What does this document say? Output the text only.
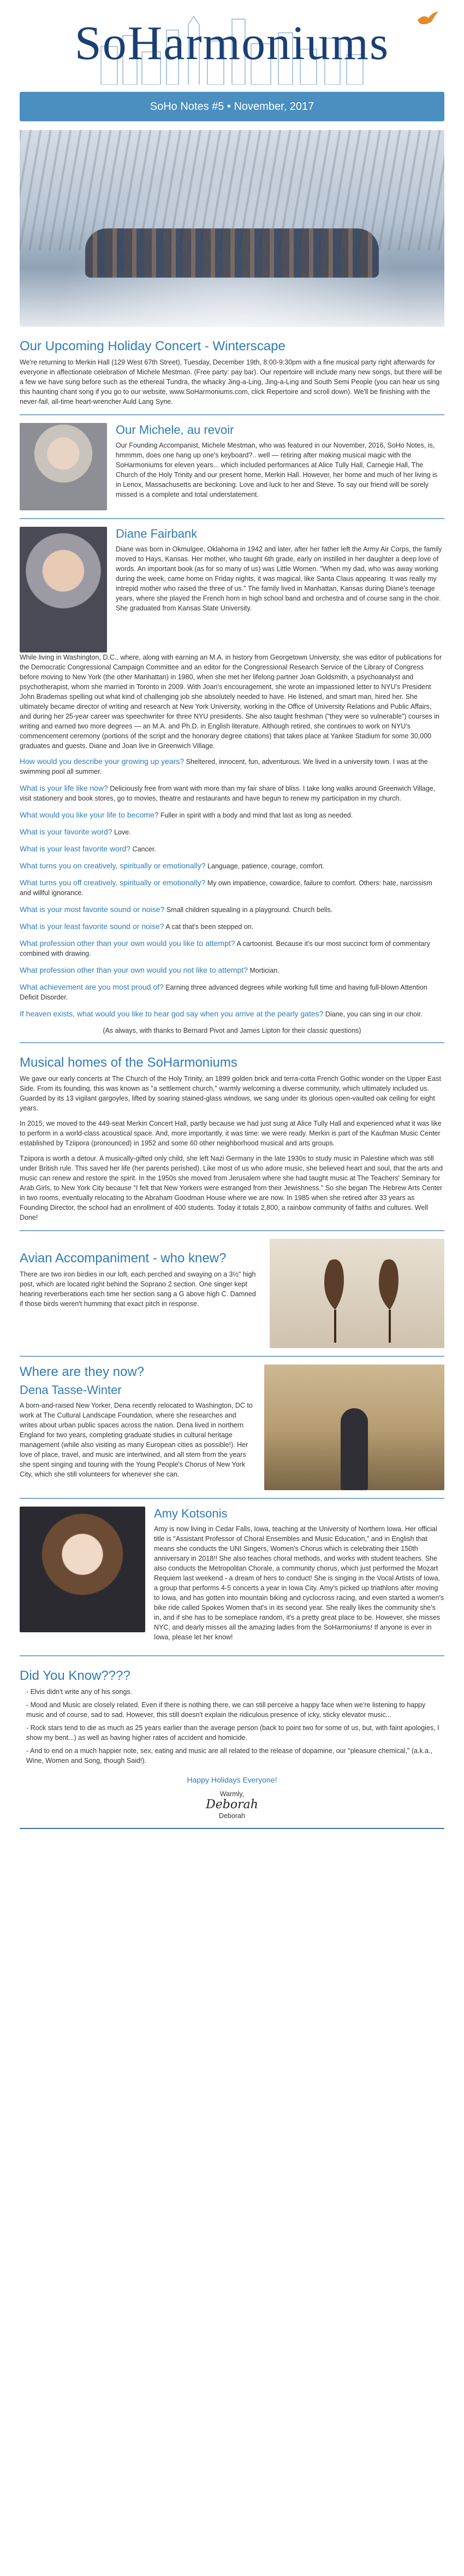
SoHarmoniums
SoHo Notes #5 • November, 2017
Our Upcoming Holiday Concert - Winterscape

We're returning to Merkin Hall (129 West 67th Street), Tuesday, December 19th, 8:00-9:30pm with a fine musical party right afterwards for everyone in affectionate celebration of Michele Mestman. (Free party: pay bar). Our repertoire will include many new songs, but there will be a few we have sung before such as the ethereal Tundra, the whacky Jing-a-Ling, Jing-a-Ling and South Semi People (you can hear us sing this haunting chant song if you go to our website, www.SoHarmoniums.com, click Repertoire and scroll down). We'll be finishing with the never-fail, all-time heart-wrencher Auld Lang Syne.

Our Michele, au revoir

Our Founding Accompanist, Michele Mestman, who was featured in our November, 2016, SoHo Notes, is, hmmmm, does one hang up one's keyboard?.. well — retiring after making musical magic with the SoHarmoniums for eleven years... which included performances at Alice Tully Hall, Carnegie Hall, The Church of the Holy Trinity and our present home, Merkin Hall. However, her home and much of her living is in Lenox, Massachusetts are beckoning. Love and luck to her and Steve. To say our friend will be sorely missed is a complete and total understatement.

Diane Fairbank

Diane was born in Okmulgee, Oklahoma in 1942 and later, after her father left the Army Air Corps, the family moved to Hays, Kansas. Her mother, who taught 6th grade, early on instilled in her daughter a deep love of words. An important book (as for so many of us) was Little Women. "When my dad, who was away working during the week, came home on Friday nights, it was magical, like Santa Claus appearing. It was really my intrepid mother who raised the three of us." The family lived in Manhattan, Kansas during Diane's teenage years, where she played the French horn in high school band and orchestra and of course sang in the choir. She graduated from Kansas State University.

While living in Washington, D.C., where, along with earning an M.A. in history from Georgetown University, she was editor of publications for the Democratic Congressional Campaign Committee and an editor for the Congressional Research Service of the Library of Congress before moving to New York (the other Manhattan) in 1980, when she met her lifelong partner Joan Goldsmith, a psychoanalyst and psychotherapist, whom she married in Toronto in 2009. With Joan's encouragement, she wrote an impassioned letter to NYU's President John Brademas spelling out what kind of challenging job she absolutely needed to have. He listened, and smart man, hired her. She ultimately became director of writing and research at New York University, working in the Office of University Relations and Public Affairs, and during her 25-year career was speechwriter for three NYU presidents. She also taught freshman ("they were so vulnerable") courses in writing and earned two more degrees — an M.A. and Ph.D. in English literature. Although retired, she continues to work on NYU's commencement ceremony (portions of the script and the honorary degree citations) that takes place at Yankee Stadium for some 30,000 graduates and guests. Diane and Joan live in Greenwich Village.

How would you describe your growing up years? Sheltered, innocent, fun, adventurous. We lived in a university town. I was at the swimming pool all summer.
What is your life like now? Deliciously free from want with more than my fair share of bliss. I take long walks around Greenwich Village, visit stationery and book stores, go to movies, theatre and restaurants and have begun to renew my participation in my church.
What would you like your life to become? Fuller in spirit with a body and mind that last as long as needed.
What is your favorite word? Love.
What is your least favorite word? Cancer.
What turns you on creatively, spiritually or emotionally? Language, patience, courage, comfort.
What turns you off creatively, spiritually or emotionally? My own impatience, cowardice, failure to comfort. Others: hate, narcissism and willful ignorance.
What is your most favorite sound or noise? Small children squealing in a playground. Church bells.
What is your least favorite sound or noise? A cat that's been stepped on.
What profession other than your own would you like to attempt? A cartoonist. Because it's our most succinct form of commentary combined with drawing.
What profession other than your own would you not like to attempt? Mortician.
What achievement are you most proud of? Earning three advanced degrees while working full time and having full-blown Attention Deficit Disorder.
If heaven exists, what would you like to hear god say when you arrive at the pearly gates? Diane, you can sing in our choir.
(As always, with thanks to Bernard Pivot and James Lipton for their classic questions)
Musical homes of the SoHarmoniums

We gave our early concerts at The Church of the Holy Trinity, an 1899 golden brick and terra-cotta French Gothic wonder on the Upper East Side. From its founding, this was known as "a settlement church," warmly welcoming a diverse community, which ultimately included us. Guarded by its 13 vigilant gargoyles, lifted by soaring stained-glass windows, we sang under its glorious open-vaulted oak ceiling for eight years.

In 2015, we moved to the 449-seat Merkin Concert Hall, partly because we had just sung at Alice Tully Hall and experienced what it was like to perform in a world-class acoustical space. And, more importantly, it was time: we were ready. Merkin is part of the Kaufman Music Center established by Tziipora (pronounced) in 1952 and some 60 other neighborhood musical and arts groups.

Tziipora is worth a detour. A musically-gifted only child, she left Nazi Germany in the late 1930s to study music in Palestine which was still under British rule. This saved her life (her parents perished). Like most of us who adore music, she believed heart and soul, that the arts and music can renew and restore the spirit. In the 1950s she moved from Jerusalem where she had taught music at The Teachers' Seminary for Arab Girls, to New York City because "I felt that New Yorkers were estranged from their Jewishness." So she began The Hebrew Arts Center in two rooms, eventually relocating to the Abraham Goodman House where we are now. In 1985 when she retired after 33 years as Founding Director, the school had an enrollment of 400 students. Today it totals 2,800, a rainbow community of faiths and cultures. Well Done!

Avian Accompaniment - who knew?

There are two iron birdies in our loft, each perched and swaying on a 3½" high post, which are located right behind the Soprano 2 section. One singer kept hearing reverberations each time her section sang a G above high C. Damned if those birds weren't humming that exact pitch in response.

Where are they now?
Dena Tasse-Winter

A born-and-raised New Yorker, Dena recently relocated to Washington, DC to work at The Cultural Landscape Foundation, where she researches and writes about urban public spaces across the nation. Dena lived in northern England for two years, completing graduate studies in cultural heritage management (while also visiting as many European cities as possible!). Her love of place, travel, and music are intertwined, and all stem from the years she spent singing and touring with the Young People's Chorus of New York City, which she still volunteers for whenever she can.

Amy Kotsonis

Amy is now living in Cedar Falls, Iowa, teaching at the University of Northern Iowa. Her official title is "Assistant Professor of Choral Ensembles and Music Education," and in English that means she conducts the UNI Singers, Women's Chorus which is celebrating their 150th anniversary in 2018!! She also teaches choral methods, and works with student teachers. She also conducts the Metropolitan Chorale, a community chorus, which just performed the Mozart Requiem last weekend - a dream of hers to conduct! She is singing in the Vocal Artists of Iowa, a group that performs 4-5 concerts a year in Iowa City. Amy's picked up triathlons after moving to Iowa, and has gotten into mountain biking and cyclocross racing, and even started a women's bike ride called Spokes Women that's in its second year. She really likes the community she's in, and if she has to be someplace random, it's a pretty great place to be. However, she misses NYC, and dearly misses all the amazing ladies from the SoHarmoniums! If anyone is ever in Iowa, please let her know!

Did You Know????
- Elvis didn't write any of his songs.
- Mood and Music are closely related. Even if there is nothing there, we can still perceive a happy face when we're listening to happy music and of course, sad to sad. However, this still doesn't explain the ridiculous presence of icky, sticky elevator music...
- Rock stars tend to die as much as 25 years earlier than the average person (back to point two for some of us, but, with faint apologies, I show my bent...) as well as having higher rates of accident and homicide.
- And to end on a much happier note, sex, eating and music are all related to the release of dopamine, our "pleasure chemical," (a.k.a., Wine, Women and Song, though Said!).
Happy Holidays Everyone!
Warmly,
Deborah
Deborah
